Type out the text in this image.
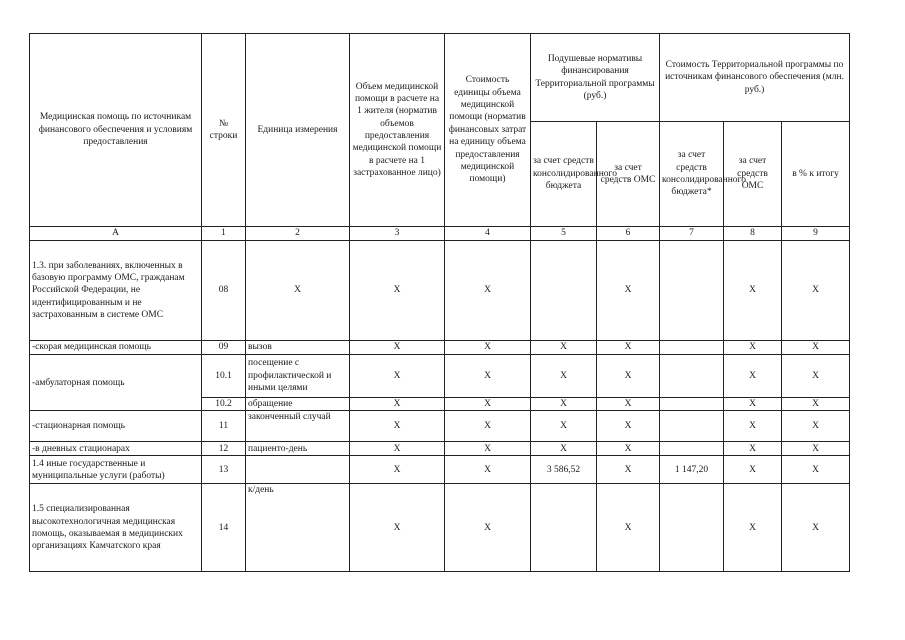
Медицинская помощь по источникам финансового обеспечения и условиям предоставления	№ строки	Единица измерения	Объем медицинской помощи в расчете на 1 жителя (норматив объемов предоставления медицинской помощи в расчете на 1 застрахованное лицо)	Стоимость единицы объема медицинской помощи (норматив финансовых затрат на единицу объема предоставления медицинской помощи)	Подушевые нормативы финансирования Территориальной программы (руб.)		Стоимость Территориальной программы по источникам финансового обеспечения (млн. руб.)		
					за счет средств консолидированного бюджета	за счет средств ОМС	за счет средств консолидированного бюджета*	за счет средств ОМС	в % к итогу
А	1	2	3	4	5	6	7	8	9
1.3. при заболеваниях, включенных в базовую программу ОМС, гражданам Российской Федерации, не идентифицированным и не застрахованным в системе ОМС	08	Х	Х	Х		Х		Х	Х
-скорая медицинская помощь	09	вызов	Х	Х	Х	Х		Х	Х
-амбулаторная помощь	10.1	посещение с профилактической и иными целями	Х	Х	Х	Х		Х	Х
	10.2	обращение	Х	Х	Х	Х		Х	Х
-стационарная помощь	11	законченный случай	Х	Х	Х	Х		Х	Х
-в дневных стационарах	12	пациенто-день	Х	Х	Х	Х		Х	Х
1.4 иные государственные и муниципальные услуги (работы)	13		Х	Х	3 586,52	Х	1 147,20	Х	Х
1.5 специализированная высокотехнологичная медицинская помощь, оказываемая в медицинских организациях Камчатского края	14	к/день	Х	Х		Х		Х	Х
